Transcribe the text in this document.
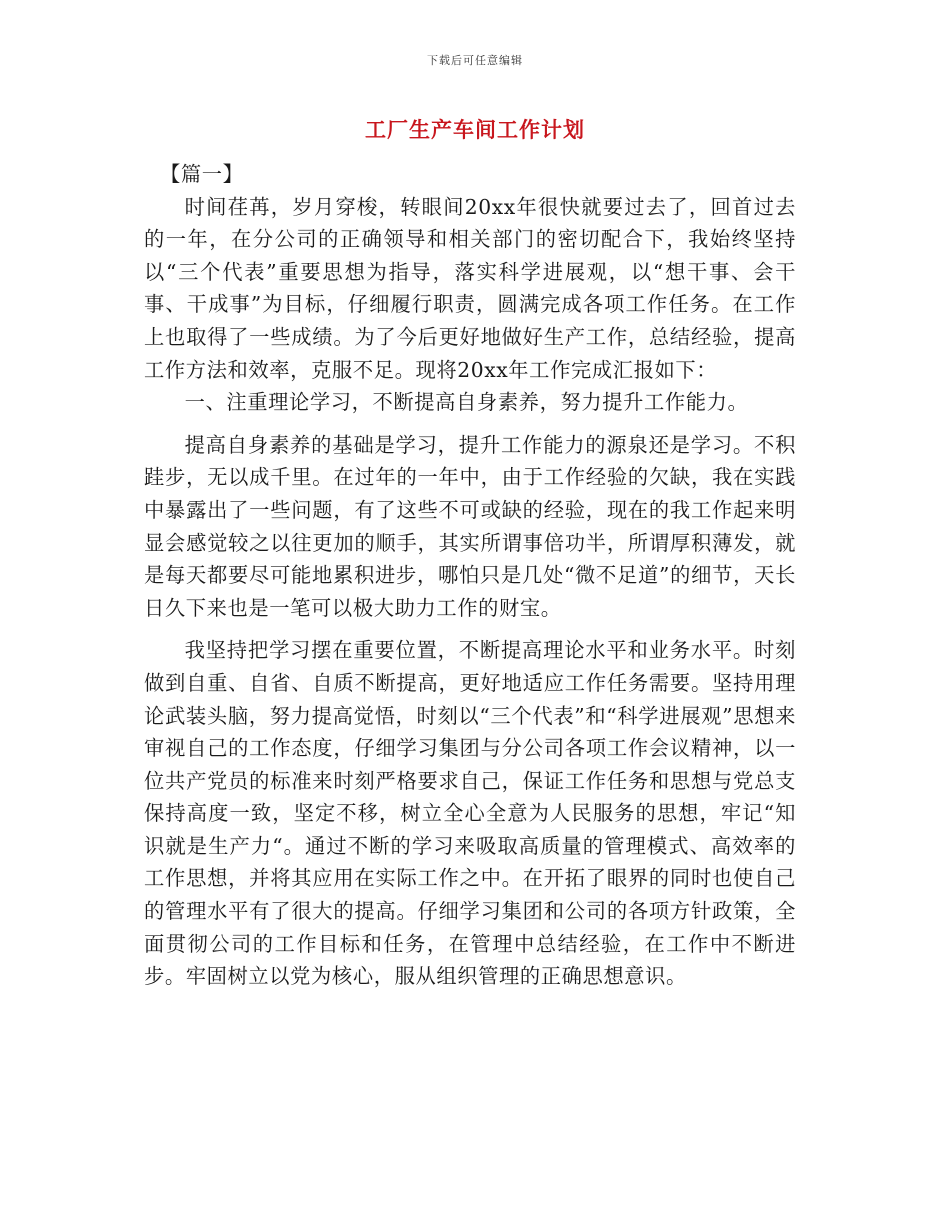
下载后可任意编辑
工厂生产车间工作计划

【篇一】

时间荏苒，岁月穿梭，转眼间20xx年很快就要过去了，回首过去的一年，在分公司的正确领导和相关部门的密切配合下，我始终坚持以“三个代表”重要思想为指导，落实科学进展观，以“想干事、会干事、干成事”为目标，仔细履行职责，圆满完成各项工作任务。在工作上也取得了一些成绩。为了今后更好地做好生产工作，总结经验，提高工作方法和效率，克服不足。现将20xx年工作完成汇报如下：

一、注重理论学习，不断提高自身素养，努力提升工作能力。

提高自身素养的基础是学习，提升工作能力的源泉还是学习。不积跬步，无以成千里。在过年的一年中，由于工作经验的欠缺，我在实践中暴露出了一些问题，有了这些不可或缺的经验，现在的我工作起来明显会感觉较之以往更加的顺手，其实所谓事倍功半，所谓厚积薄发，就是每天都要尽可能地累积进步，哪怕只是几处“微不足道”的细节，天长日久下来也是一笔可以极大助力工作的财宝。

我坚持把学习摆在重要位置，不断提高理论水平和业务水平。时刻做到自重、自省、自质不断提高，更好地适应工作任务需要。坚持用理论武装头脑，努力提高觉悟，时刻以“三个代表”和“科学进展观”思想来审视自己的工作态度，仔细学习集团与分公司各项工作会议精神，以一位共产党员的标准来时刻严格要求自己，保证工作任务和思想与党总支保持高度一致，坚定不移，树立全心全意为人民服务的思想，牢记“知识就是生产力“。通过不断的学习来吸取高质量的管理模式、高效率的工作思想，并将其应用在实际工作之中。在开拓了眼界的同时也使自己的管理水平有了很大的提高。仔细学习集团和公司的各项方针政策，全面贯彻公司的工作目标和任务，在管理中总结经验，在工作中不断进步。牢固树立以党为核心，服从组织管理的正确思想意识。
